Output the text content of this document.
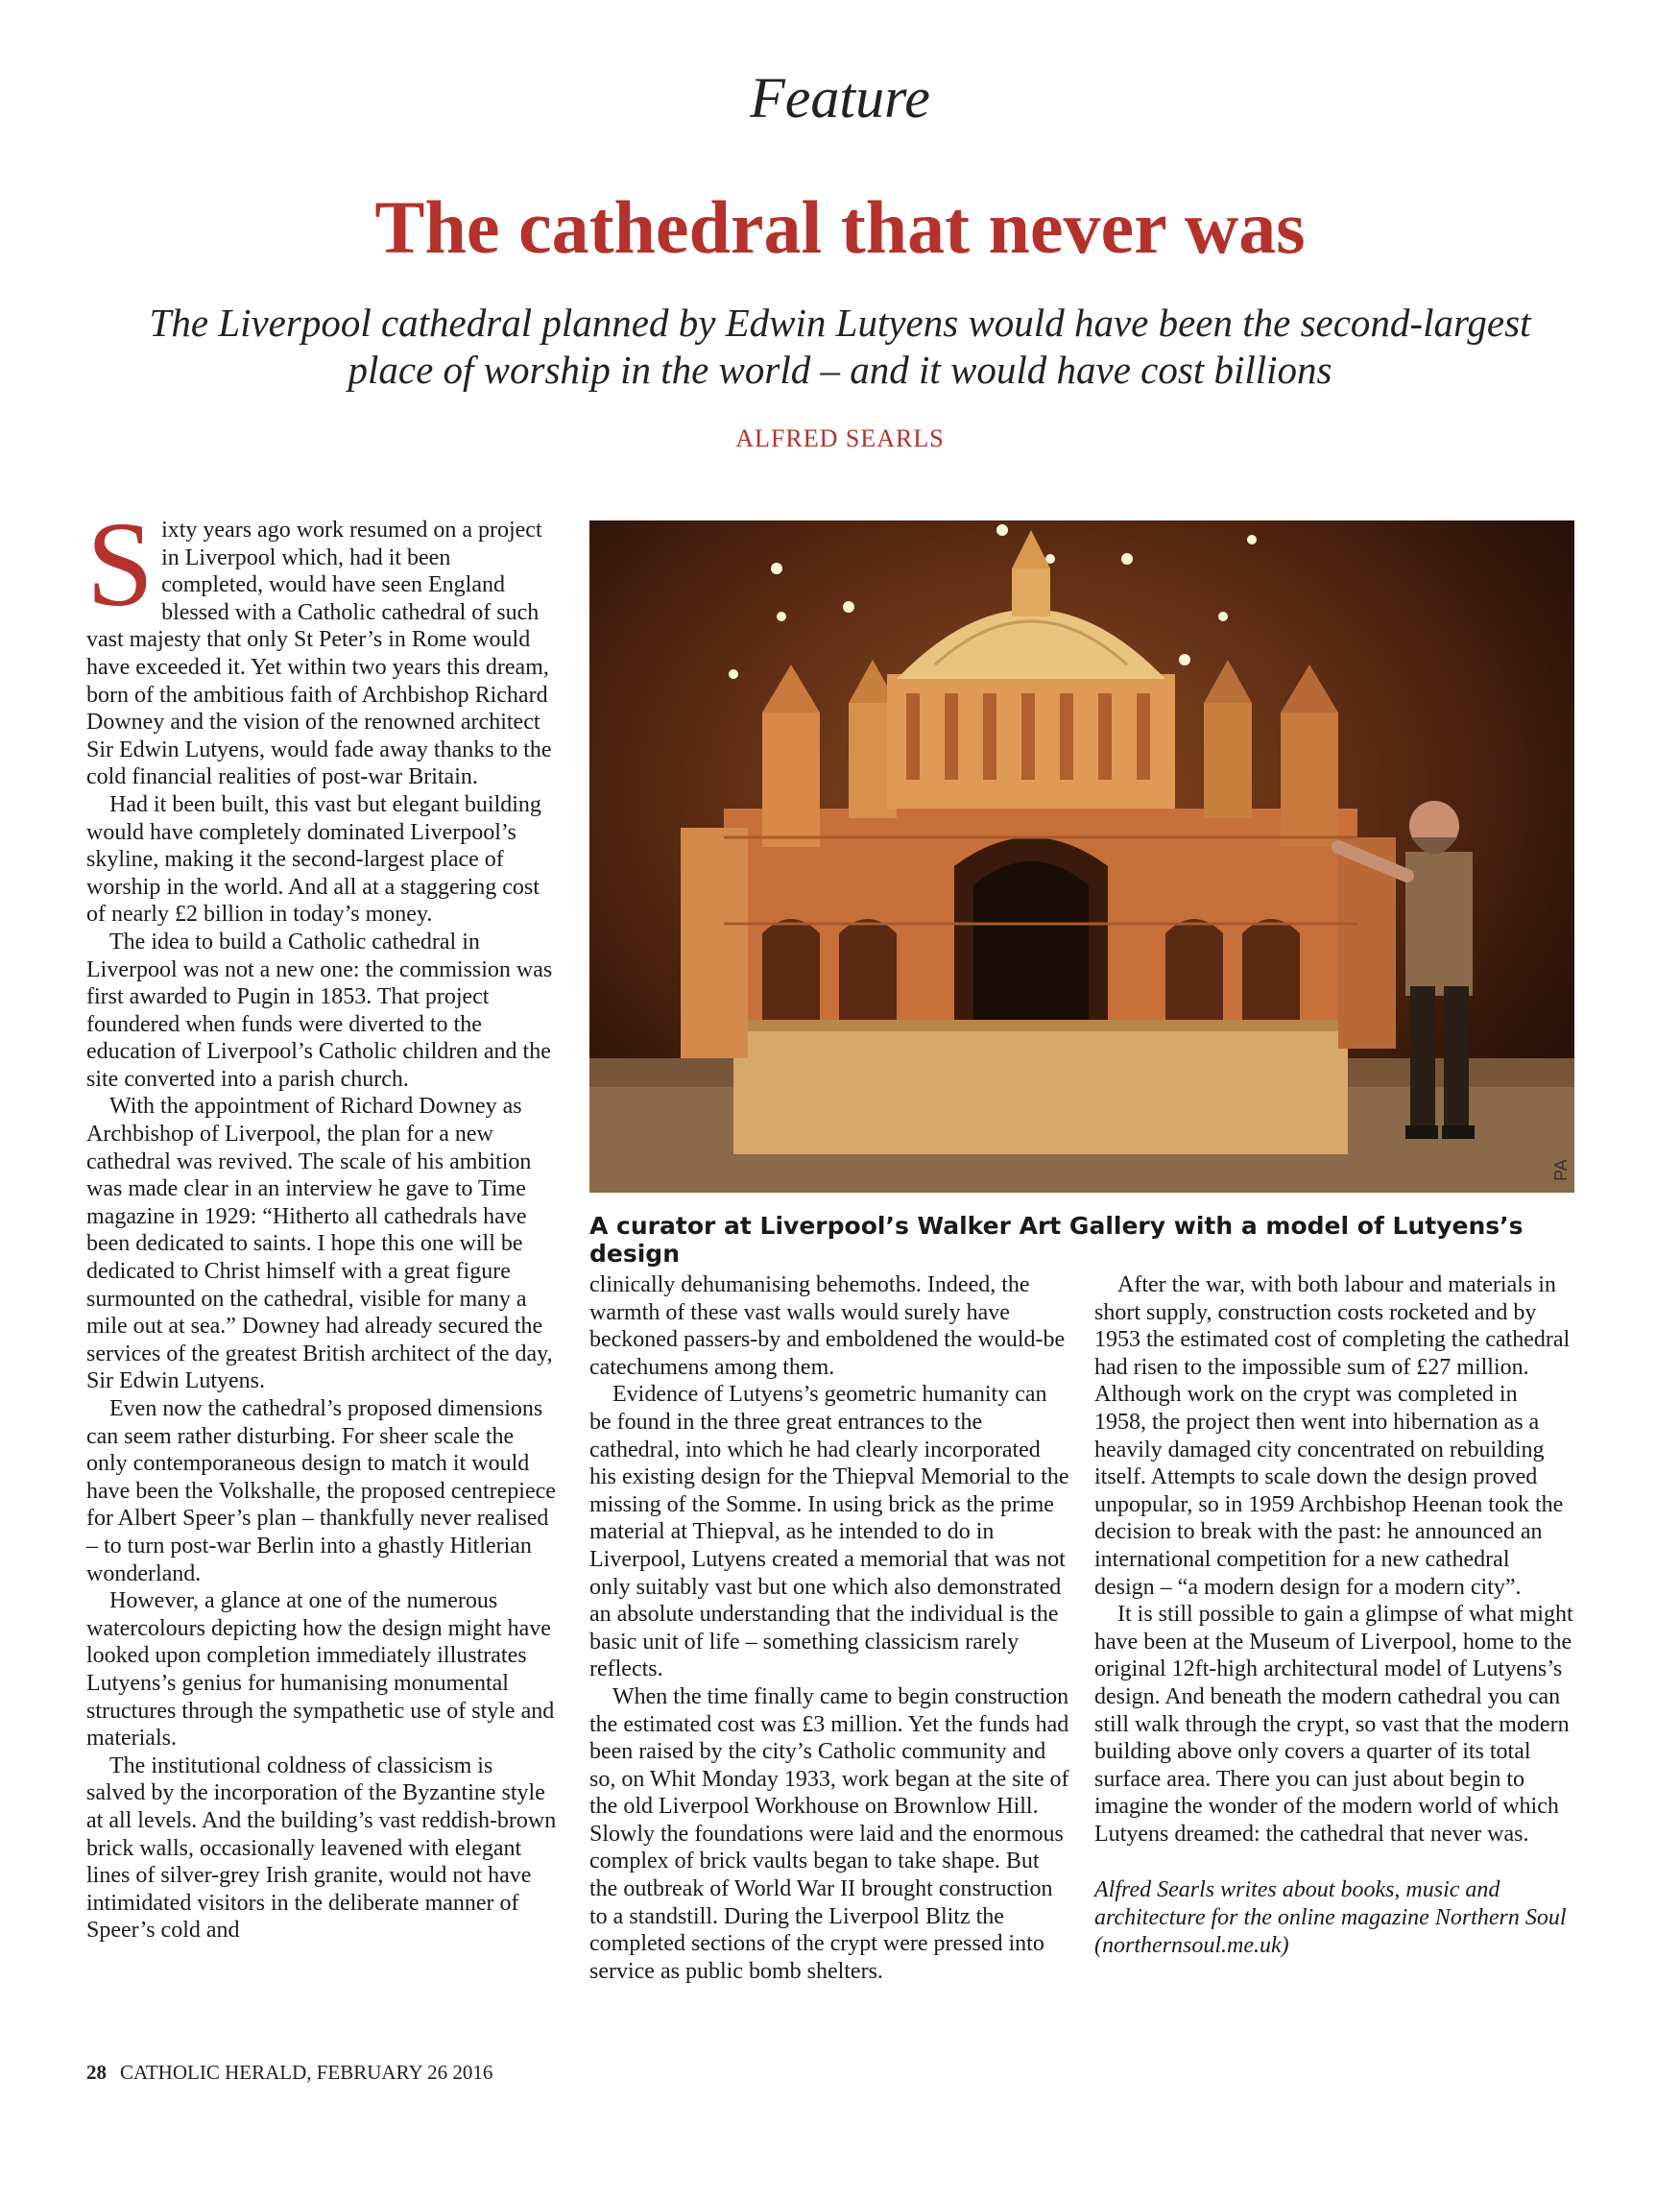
Feature
The cathedral that never was
The Liverpool cathedral planned by Edwin Lutyens would have been the second-largest place of worship in the world – and it would have cost billions
ALFRED SEARLS

Sixty years ago work resumed on a project in Liverpool which, had it been completed, would have seen England blessed with a Catholic cathedral of such vast majesty that only St Peter’s in Rome would have exceeded it. Yet within two years this dream, born of the ambitious faith of Archbishop Richard Downey and the vision of the renowned architect Sir Edwin Lutyens, would fade away thanks to the cold financial realities of post-war Britain.

Had it been built, this vast but elegant building would have completely dominated Liverpool’s skyline, making it the second-largest place of worship in the world. And all at a staggering cost of nearly £2 billion in today’s money.

The idea to build a Catholic cathedral in Liverpool was not a new one: the commission was first awarded to Pugin in 1853. That project foundered when funds were diverted to the education of Liverpool’s Catholic children and the site converted into a parish church.

With the appointment of Richard Downey as Archbishop of Liverpool, the plan for a new cathedral was revived. The scale of his ambition was made clear in an interview he gave to Time magazine in 1929: “Hitherto all cathedrals have been dedicated to saints. I hope this one will be dedicated to Christ himself with a great figure surmounted on the cathedral, visible for many a mile out at sea.” Downey had already secured the services of the greatest British architect of the day, Sir Edwin Lutyens.

Even now the cathedral’s proposed dimensions can seem rather disturbing. For sheer scale the only contemporaneous design to match it would have been the Volkshalle, the proposed centrepiece for Albert Speer’s plan – thankfully never realised – to turn post-war Berlin into a ghastly Hitlerian wonderland.

However, a glance at one of the numerous watercolours depicting how the design might have looked upon completion immediately illustrates Lutyens’s genius for humanising monumental structures through the sympathetic use of style and materials.

The institutional coldness of classicism is salved by the incorporation of the Byzantine style at all levels. And the building’s vast reddish-brown brick walls, occasionally leavened with elegant lines of silver-grey Irish granite, would not have intimidated visitors in the deliberate manner of Speer’s cold and

PA
A curator at Liverpool’s Walker Art Gallery with a model of Lutyens’s design

clinically dehumanising behemoths. Indeed, the warmth of these vast walls would surely have beckoned passers-by and emboldened the would-be catechumens among them.

Evidence of Lutyens’s geometric humanity can be found in the three great entrances to the cathedral, into which he had clearly incorporated his existing design for the Thiepval Memorial to the missing of the Somme. In using brick as the prime material at Thiepval, as he intended to do in Liverpool, Lutyens created a memorial that was not only suitably vast but one which also demonstrated an absolute understanding that the individual is the basic unit of life – something classicism rarely reflects.

When the time finally came to begin construction the estimated cost was £3 million. Yet the funds had been raised by the city’s Catholic community and so, on Whit Monday 1933, work began at the site of the old Liverpool Workhouse on Brownlow Hill. Slowly the foundations were laid and the enormous complex of brick vaults began to take shape. But the outbreak of World War II brought construction to a standstill. During the Liverpool Blitz the completed sections of the crypt were pressed into service as public bomb shelters.

After the war, with both labour and materials in short supply, construction costs rocketed and by 1953 the estimated cost of completing the cathedral had risen to the impossible sum of £27 million. Although work on the crypt was completed in 1958, the project then went into hibernation as a heavily damaged city concentrated on rebuilding itself. Attempts to scale down the design proved unpopular, so in 1959 Archbishop Heenan took the decision to break with the past: he announced an international competition for a new cathedral design – “a modern design for a modern city”.

It is still possible to gain a glimpse of what might have been at the Museum of Liverpool, home to the original 12ft-high architectural model of Lutyens’s design. And beneath the modern cathedral you can still walk through the crypt, so vast that the modern building above only covers a quarter of its total surface area. There you can just about begin to imagine the wonder of the modern world of which Lutyens dreamed: the cathedral that never was.

Alfred Searls writes about books, music and architecture for the online magazine Northern Soul (northernsoul.me.uk)

28 CATHOLIC HERALD, FEBRUARY 26 2016
